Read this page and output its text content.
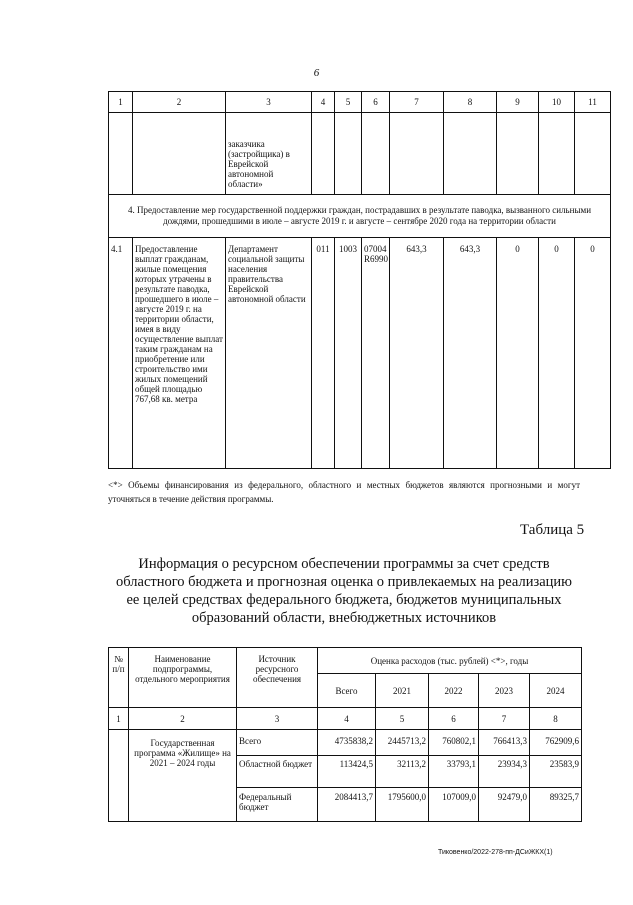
6
1	2	3	4	5	6	7	8	9	10	11
		заказчика (застройщика) в Еврейской автономной области»								
4. Предоставление мер государственной поддержки граждан, пострадавших в результате паводка, вызванного сильными дождями, прошедшими в июле – августе 2019 г. и августе – сентябре 2020 года на территории области										
4.1	Предоставление выплат гражданам, жилые помещения которых утрачены в результате паводка, прошедшего в июле – августе 2019 г. на территории области, имея в виду осуществление выплат таким гражданам на приобретение или строительство ими жилых помещений общей площадью 767,68 кв. метра	Департамент социальной защиты населения правительства Еврейской автономной области	011	1003	07004 R6990	643,3	643,3	0	0	0
<*> Объемы финансирования из федерального, областного и местных бюджетов являются прогнозными и могут уточняться в течение действия программы.
Таблица 5
Информация о ресурсном обеспечении программы за счет средств областного бюджета и прогнозная оценка о привлекаемых на реализацию ее целей средствах федерального бюджета, бюджетов муниципальных образований области, внебюджетных источников
№ п/п	Наименование подпрограммы, отдельного мероприятия	Источник ресурсного обеспечения	Оценка расходов (тыс. рублей) <*>, годы				
			Всего	2021	2022	2023	2024
1	2	3	4	5	6	7	8
	Государственная программа «Жилище» на 2021 – 2024 годы	Всего	4735838,2	2445713,2	760802,1	766413,3	762909,6
		Областной бюджет	113424,5	32113,2	33793,1	23934,3	23583,9
		Федеральный бюджет	2084413,7	1795600,0	107009,0	92479,0	89325,7
Тиковенко/2022-278-пп-ДСиЖКХ(1)
